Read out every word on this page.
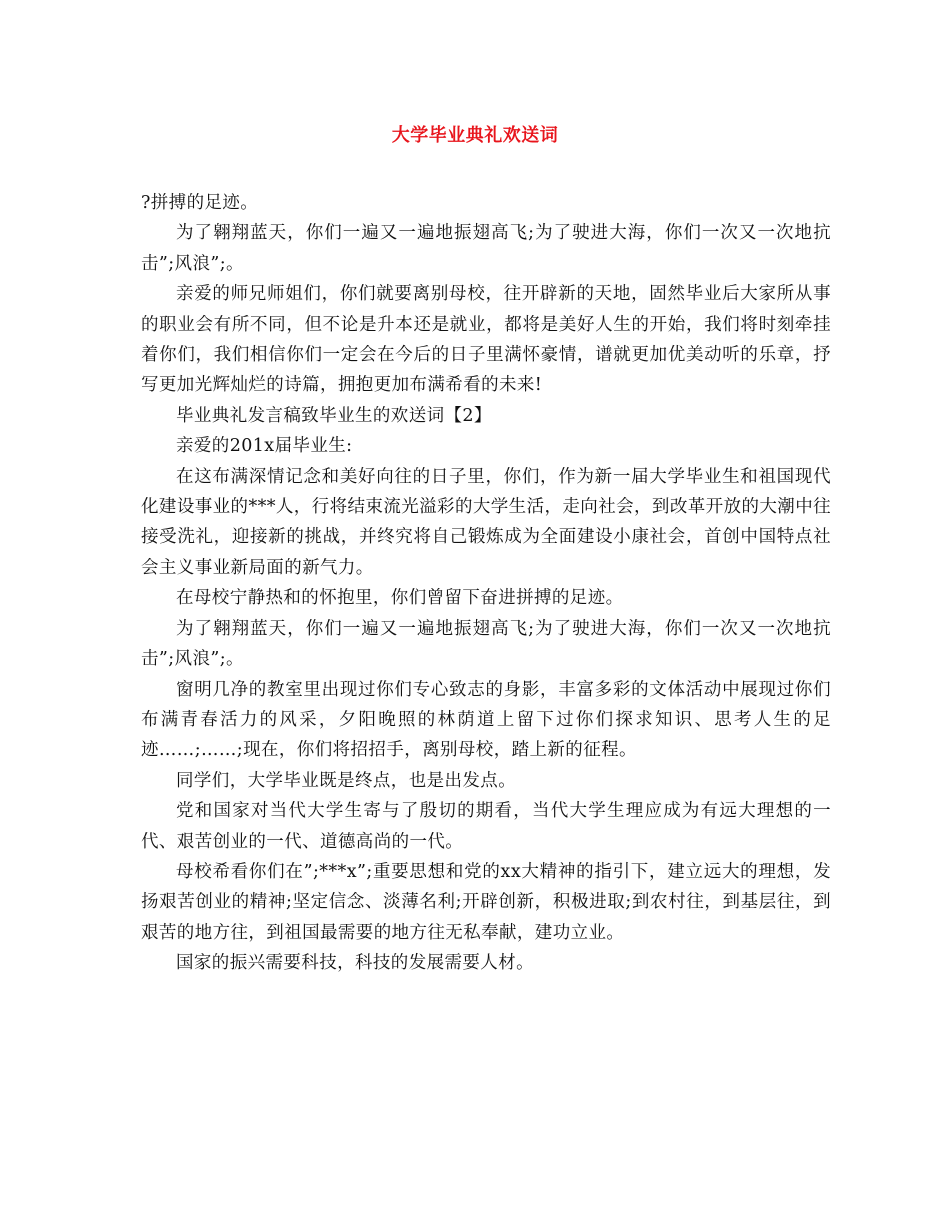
大学毕业典礼欢送词

?拼搏的足迹。

为了翱翔蓝天，你们一遍又一遍地振翅高飞;为了驶进大海，你们一次又一次地抗击”;风浪”;。

亲爱的师兄师姐们，你们就要离别母校，往开辟新的天地，固然毕业后大家所从事的职业会有所不同，但不论是升本还是就业，都将是美好人生的开始，我们将时刻牵挂着你们，我们相信你们一定会在今后的日子里满怀豪情，谱就更加优美动听的乐章，抒写更加光辉灿烂的诗篇，拥抱更加布满希看的未来!

毕业典礼发言稿致毕业生的欢送词【2】

亲爱的201x届毕业生:

在这布满深情记念和美好向往的日子里，你们，作为新一届大学毕业生和祖国现代化建设事业的***人，行将结束流光溢彩的大学生活，走向社会，到改革开放的大潮中往接受洗礼，迎接新的挑战，并终究将自己锻炼成为全面建设小康社会，首创中国特点社会主义事业新局面的新气力。

在母校宁静热和的怀抱里，你们曾留下奋进拼搏的足迹。

为了翱翔蓝天，你们一遍又一遍地振翅高飞;为了驶进大海，你们一次又一次地抗击”;风浪”;。

窗明几净的教室里出现过你们专心致志的身影，丰富多彩的文体活动中展现过你们布满青春活力的风采，夕阳晚照的林荫道上留下过你们探求知识、思考人生的足迹……;……;现在，你们将招招手，离别母校，踏上新的征程。

同学们，大学毕业既是终点，也是出发点。

党和国家对当代大学生寄与了殷切的期看，当代大学生理应成为有远大理想的一代、艰苦创业的一代、道德高尚的一代。

母校希看你们在”;***x”;重要思想和党的xx大精神的指引下，建立远大的理想，发扬艰苦创业的精神;坚定信念、淡薄名利;开辟创新，积极进取;到农村往，到基层往，到艰苦的地方往，到祖国最需要的地方往无私奉献，建功立业。

国家的振兴需要科技，科技的发展需要人材。
